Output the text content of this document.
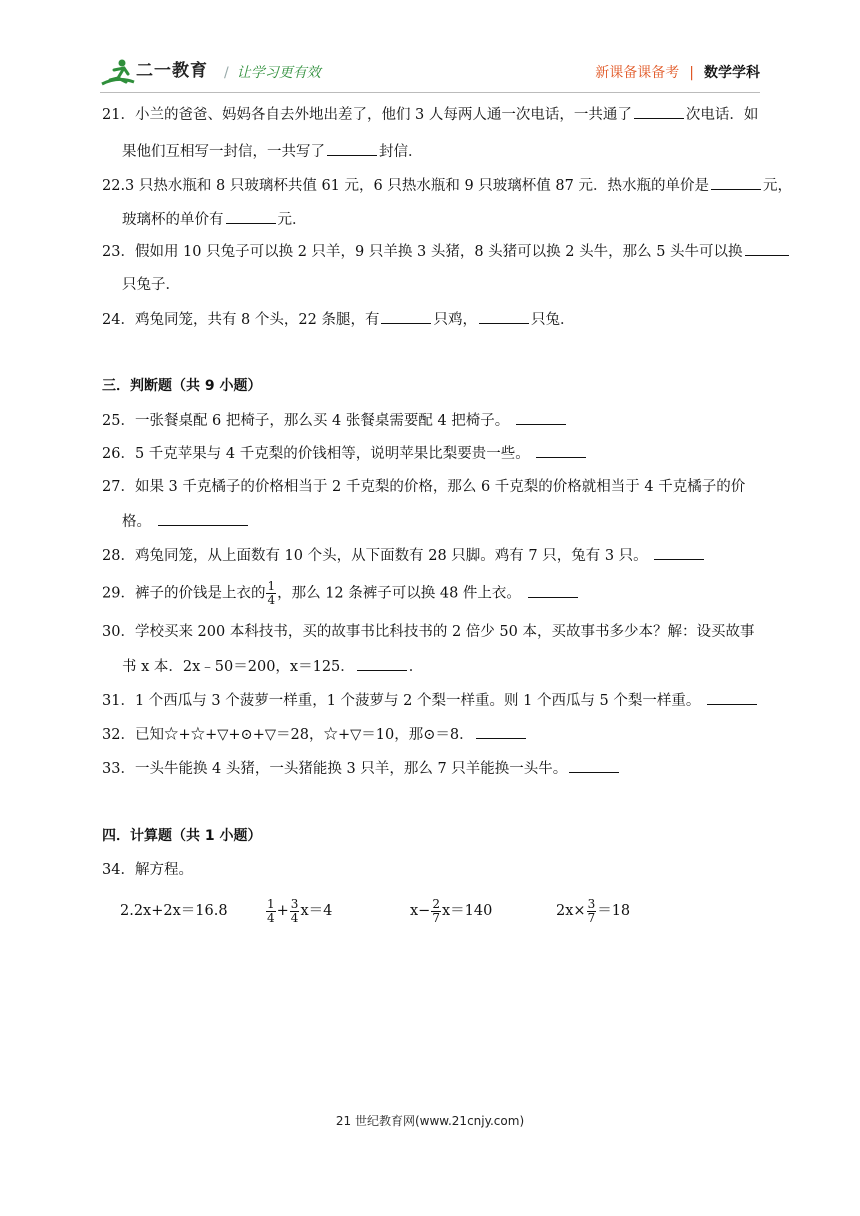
二一教育 / 让学习更有效	新课备课备考 | 数学学科
21．小兰的爸爸、妈妈各自去外地出差了，他们 3 人每两人通一次电话，一共通了	次电话．如
果他们互相写一封信，一共写了	封信．
22.3 只热水瓶和 8 只玻璃杯共值 61 元，6 只热水瓶和 9 只玻璃杯值 87 元．热水瓶的单价是	元，
玻璃杯的单价有	元．
23．假如用 10 只兔子可以换 2 只羊，9 只羊换 3 头猪，8 头猪可以换 2 头牛，那么 5 头牛可以换
只兔子．
24．鸡兔同笼，共有 8 个头，22 条腿，有	只鸡，	只兔．
三．判断题（共 9 小题）
25．一张餐桌配 6 把椅子，那么买 4 张餐桌需要配 4 把椅子。
26．5 千克苹果与 4 千克梨的价钱相等，说明苹果比梨要贵一些。
27．如果 3 千克橘子的价格相当于 2 千克梨的价格，那么 6 千克梨的价格就相当于 4 千克橘子的价
格。
28．鸡兔同笼，从上面数有 10 个头，从下面数有 28 只脚。鸡有 7 只，兔有 3 只。
29．裤子的价钱是上衣的 $\frac{1}{4}$ ，那么 12 条裤子可以换 48 件上衣。
30．学校买来 200 本科技书，买的故事书比科技书的 2 倍少 50 本，买故事书多少本？解：设买故事
书 x 本．2x﹣50＝200，x＝125．	．
31．1 个西瓜与 3 个菠萝一样重，1 个菠萝与 2 个梨一样重。则 1 个西瓜与 5 个梨一样重。
32．已知☆+☆+▽+⊙+▽＝28，☆+▽＝10，那⊙＝8．
33．一头牛能换 4 头猪，一头猪能换 3 只羊，那么 7 只羊能换一头牛。
四．计算题（共 1 小题）
34．解方程。
2.2x+2x＝16.8	$\frac{1}{4} + \frac{3}{4} x=4$	$x- \frac{2}{7} x=140$	$2x\times \frac{3}{7} =18$
21 世纪教育网(www.21cnjy.com)
